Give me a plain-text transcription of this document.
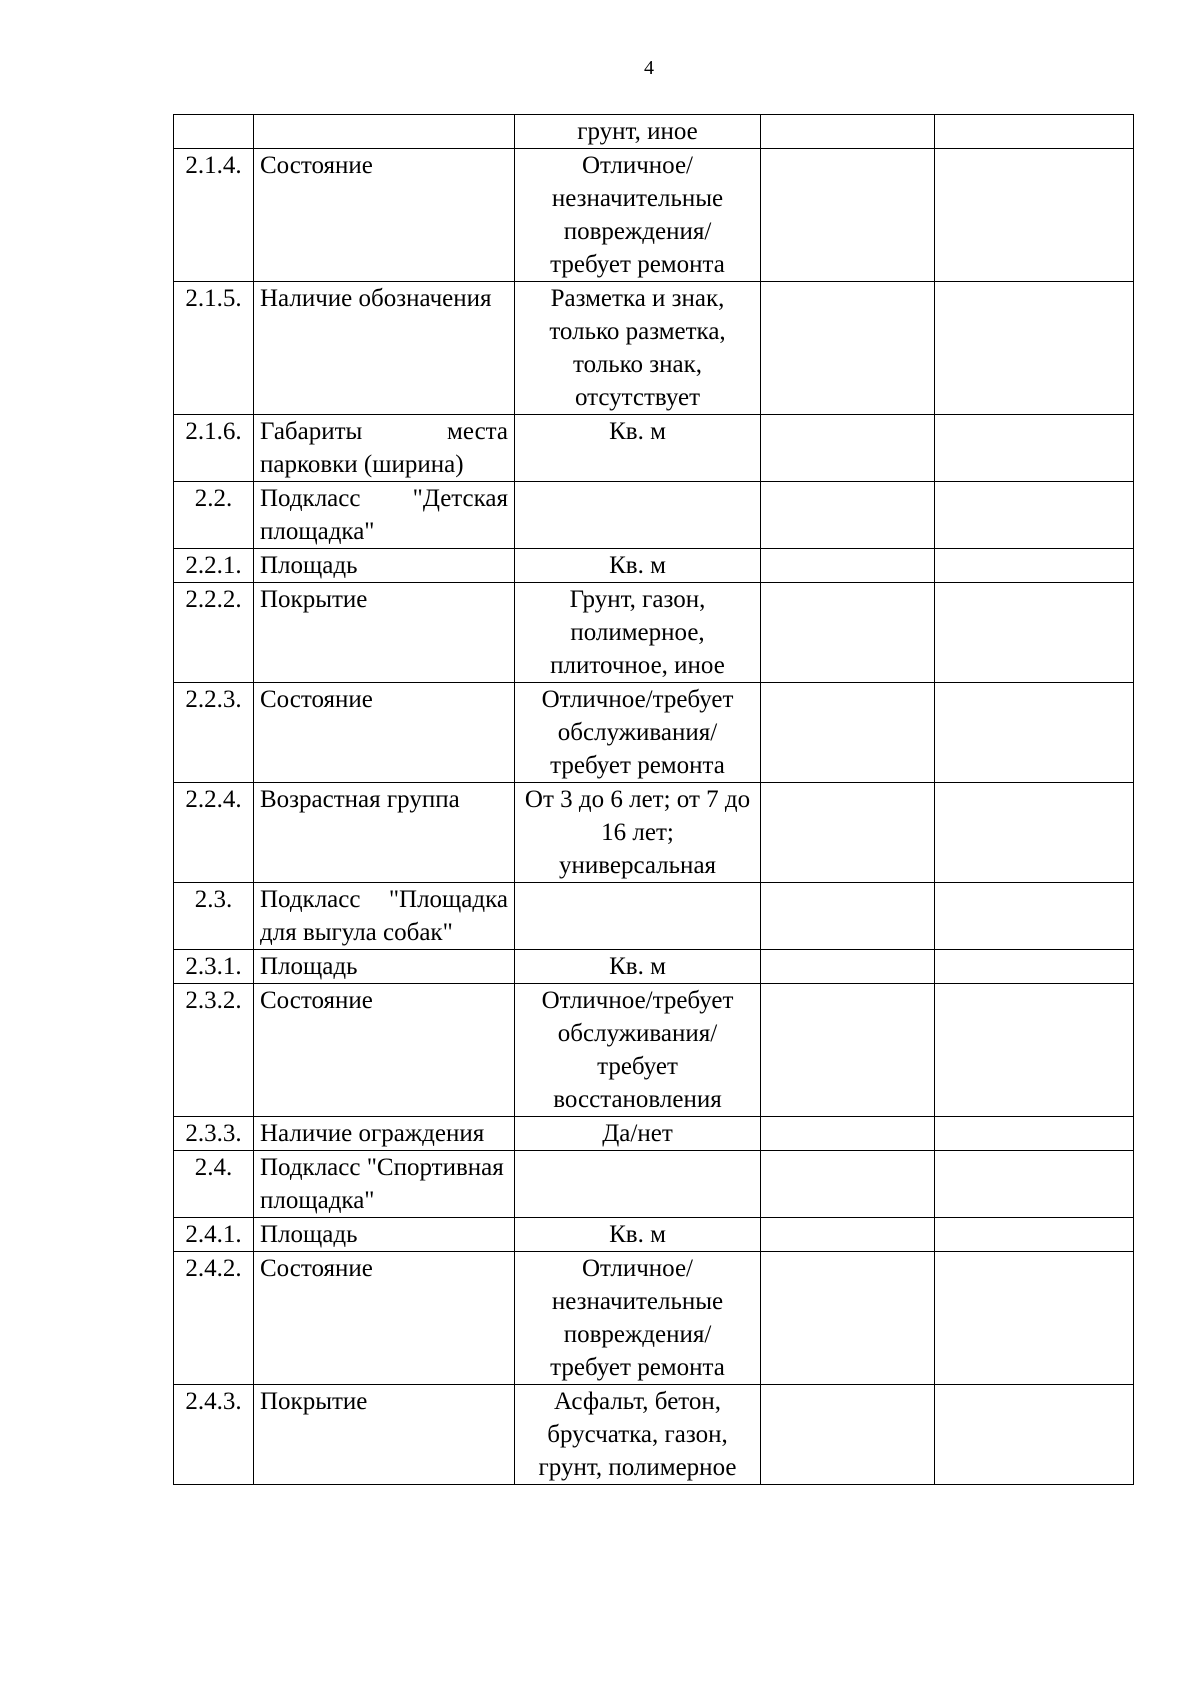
4
		грунт, иное		
2.1.4.	Состояние	Отличное/ незначительные повреждения/ требует ремонта		
2.1.5.	Наличие обозначения	Разметка и знак, только разметка, только знак, отсутствует		
2.1.6.	Габариты места парковки (ширина)	Кв. м		
2.2.	Подкласс "Детская площадка"			
2.2.1.	Площадь	Кв. м		
2.2.2.	Покрытие	Грунт, газон, полимерное, плиточное, иное		
2.2.3.	Состояние	Отличное/требует обслуживания/ требует ремонта		
2.2.4.	Возрастная группа	От 3 до 6 лет; от 7 до 16 лет; универсальная		
2.3.	Подкласс "Площадка для выгула собак"			
2.3.1.	Площадь	Кв. м		
2.3.2.	Состояние	Отличное/требует обслуживания/ требует восстановления		
2.3.3.	Наличие ограждения	Да/нет		
2.4.	Подкласс "Спортивная площадка"			
2.4.1.	Площадь	Кв. м		
2.4.2.	Состояние	Отличное/ незначительные повреждения/ требует ремонта		
2.4.3.	Покрытие	Асфальт, бетон, брусчатка, газон, грунт, полимерное		
